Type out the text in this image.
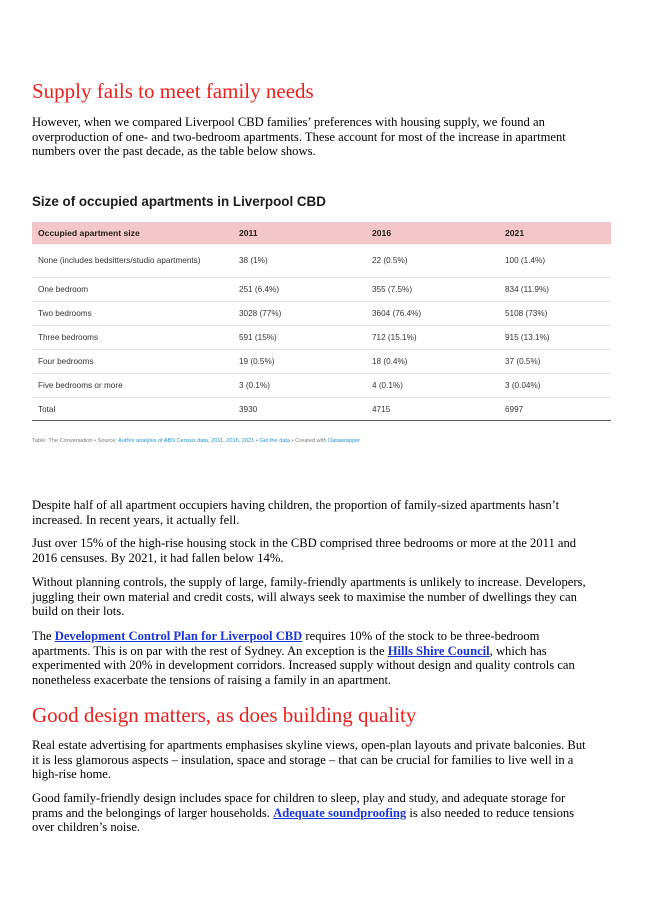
Supply fails to meet family needs

However, when we compared Liverpool CBD families’ preferences with housing supply, we found an overproduction of one- and two-bedroom apartments. These account for most of the increase in apartment numbers over the past decade, as the table below shows.

Size of occupied apartments in Liverpool CBD
Occupied apartment size	2011	2016	2021
None (includes bedsitters/studio apartments)	38 (1%)	22 (0.5%)	100 (1.4%)
One bedroom	251 (6.4%)	355 (7.5%)	834 (11.9%)
Two bedrooms	3028 (77%)	3604 (76.4%)	5108 (73%)
Three bedrooms	591 (15%)	712 (15.1%)	915 (13.1%)
Four bedrooms	19 (0.5%)	18 (0.4%)	37 (0.5%)
Five bedrooms or more	3 (0.1%)	4 (0.1%)	3 (0.04%)
Total	3930	4715	6997
Table: The Conversation • Source: Author analysis of ABS Census data, 2011, 2016, 2021 • Get the data • Created with Datawrapper

Despite half of all apartment occupiers having children, the proportion of family-sized apartments hasn’t increased. In recent years, it actually fell.

Just over 15% of the high-rise housing stock in the CBD comprised three bedrooms or more at the 2011 and 2016 censuses. By 2021, it had fallen below 14%.

Without planning controls, the supply of large, family-friendly apartments is unlikely to increase. Developers, juggling their own material and credit costs, will always seek to maximise the number of dwellings they can build on their lots.

The Development Control Plan for Liverpool CBD requires 10% of the stock to be three-bedroom apartments. This is on par with the rest of Sydney. An exception is the Hills Shire Council, which has experimented with 20% in development corridors. Increased supply without design and quality controls can nonetheless exacerbate the tensions of raising a family in an apartment.

Good design matters, as does building quality

Real estate advertising for apartments emphasises skyline views, open-plan layouts and private balconies. But it is less glamorous aspects – insulation, space and storage – that can be crucial for families to live well in a high-rise home.

Good family-friendly design includes space for children to sleep, play and study, and adequate storage for prams and the belongings of larger households. Adequate soundproofing is also needed to reduce tensions over children’s noise.
